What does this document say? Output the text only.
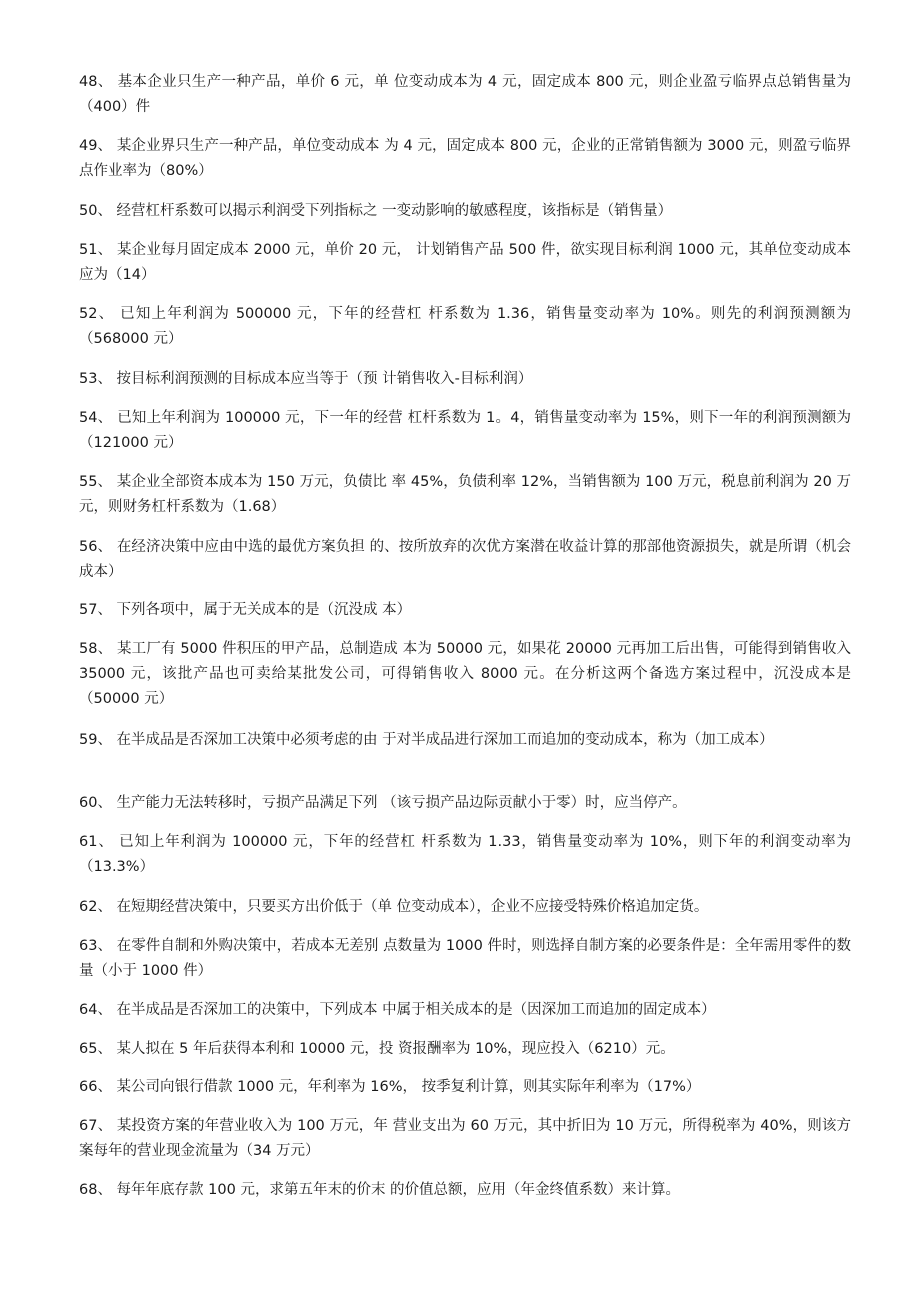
48、 基本企业只生产一种产品，单价 6 元，单 位变动成本为 4 元，固定成本 800 元，则企业盈亏临界点总销售量为（400）件
49、 某企业界只生产一种产品，单位变动成本 为 4 元，固定成本 800 元，企业的正常销售额为 3000 元，则盈亏临界点作业率为（80%）
50、 经营杠杆系数可以揭示利润受下列指标之 一变动影响的敏感程度，该指标是（销售量）
51、 某企业每月固定成本 2000 元，单价 20 元， 计划销售产品 500 件，欲实现目标利润 1000 元，其单位变动成本应为（14）
52、 已知上年利润为 500000 元，下年的经营杠 杆系数为 1.36，销售量变动率为 10%。则先的利润预测额为（568000 元）
53、 按目标利润预测的目标成本应当等于（预 计销售收入-目标利润）
54、 已知上年利润为 100000 元，下一年的经营 杠杆系数为 1。4，销售量变动率为 15%，则下一年的利润预测额为（121000 元）
55、 某企业全部资本成本为 150 万元，负债比 率 45%，负债利率 12%，当销售额为 100 万元，税息前利润为 20 万元，则财务杠杆系数为（1.68）
56、 在经济决策中应由中选的最优方案负担 的、按所放弃的次优方案潜在收益计算的那部他资源损失，就是所谓（机会成本）
57、 下列各项中，属于无关成本的是（沉没成 本）
58、 某工厂有 5000 件积压的甲产品，总制造成 本为 50000 元，如果花 20000 元再加工后出售，可能得到销售收入 35000 元，该批产品也可卖给某批发公司，可得销售收入 8000 元。在分析这两个备选方案过程中，沉没成本是（50000 元）
59、 在半成品是否深加工决策中必须考虑的由 于对半成品进行深加工而追加的变动成本，称为（加工成本）
60、 生产能力无法转移时，亏损产品满足下列 （该亏损产品边际贡献小于零）时，应当停产。
61、 已知上年利润为 100000 元，下年的经营杠 杆系数为 1.33，销售量变动率为 10%，则下年的利润变动率为（13.3%）
62、 在短期经营决策中，只要买方出价低于（单 位变动成本），企业不应接受特殊价格追加定货。
63、 在零件自制和外购决策中，若成本无差别 点数量为 1000 件时，则选择自制方案的必要条件是：全年需用零件的数量（小于 1000 件）
64、 在半成品是否深加工的决策中，下列成本 中属于相关成本的是（因深加工而追加的固定成本）
65、 某人拟在 5 年后获得本利和 10000 元，投 资报酬率为 10%，现应投入（6210）元。
66、 某公司向银行借款 1000 元，年利率为 16%， 按季复利计算，则其实际年利率为（17%）
67、 某投资方案的年营业收入为 100 万元，年 营业支出为 60 万元，其中折旧为 10 万元，所得税率为 40%，则该方案每年的营业现金流量为（34 万元）
68、 每年年底存款 100 元，求第五年末的价末 的价值总额，应用（年金终值系数）来计算。
